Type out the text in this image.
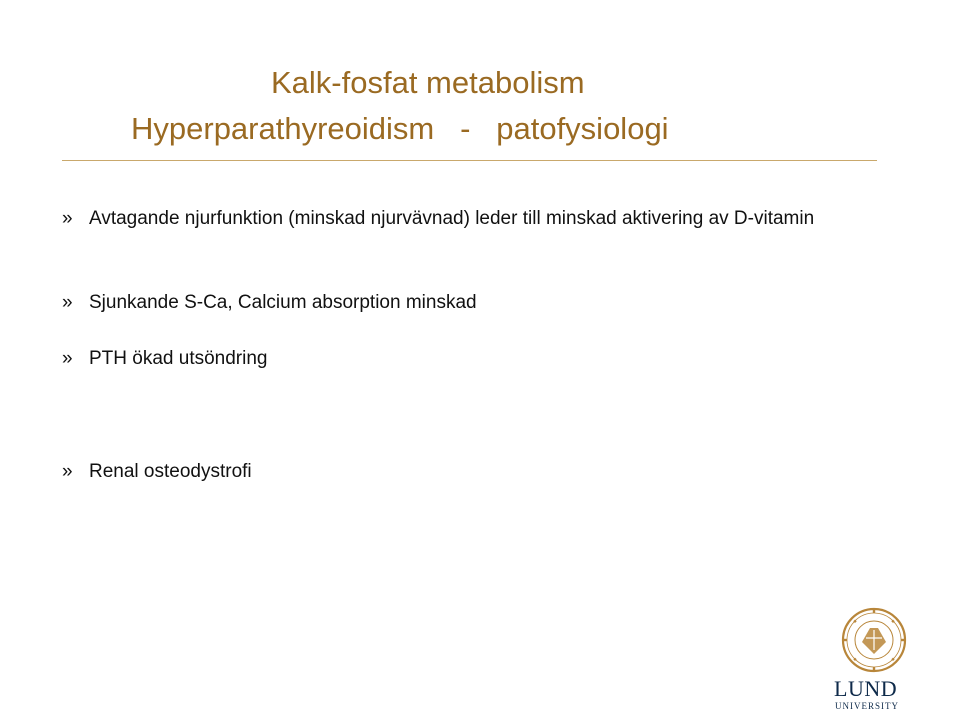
Kalk-fosfat metabolism
Hyperparathyreoidism   -   patofysiologi
» Avtagande njurfunktion (minskad njurvävnad) leder till minskad aktivering av D-vitamin
» Sjunkande S-Ca, Calcium absorption minskad
» PTH ökad utsöndring
» Renal osteodystrofi
LUND
UNIVERSITY
